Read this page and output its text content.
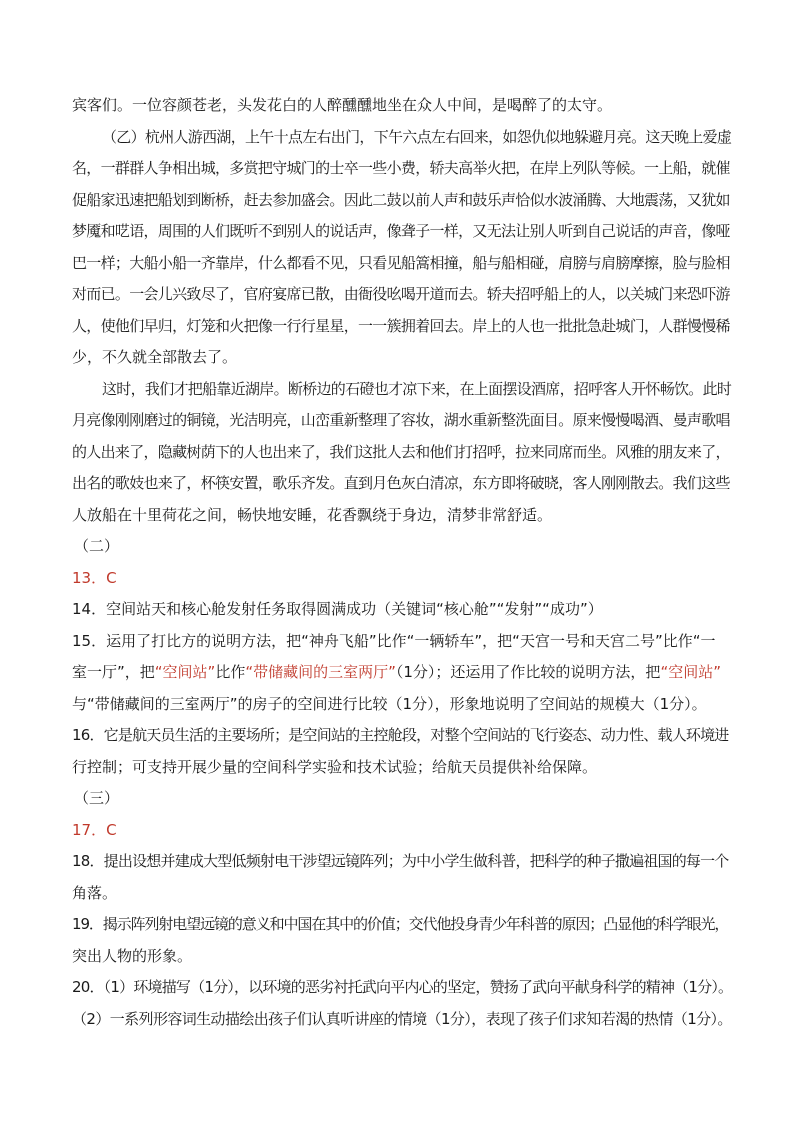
宾客们。一位容颜苍老，头发花白的人醉醺醺地坐在众人中间，是喝醉了的太守。
（乙）杭州人游西湖，上午十点左右出门，下午六点左右回来，如怨仇似地躲避月亮。这天晚上爱虚
名，一群群人争相出城，多赏把守城门的士卒一些小费，轿夫高举火把，在岸上列队等候。一上船，就催
促船家迅速把船划到断桥，赶去参加盛会。因此二鼓以前人声和鼓乐声恰似水波涌腾、大地震荡，又犹如
梦魇和呓语，周围的人们既听不到别人的说话声，像聋子一样，又无法让别人听到自己说话的声音，像哑
巴一样；大船小船一齐靠岸，什么都看不见，只看见船篙相撞，船与船相碰，肩膀与肩膀摩擦，脸与脸相
对而已。一会儿兴致尽了，官府宴席已散，由衙役吆喝开道而去。轿夫招呼船上的人，以关城门来恐吓游
人，使他们早归，灯笼和火把像一行行星星，一一簇拥着回去。岸上的人也一批批急赴城门，人群慢慢稀
少，不久就全部散去了。
这时，我们才把船靠近湖岸。断桥边的石磴也才凉下来，在上面摆设酒席，招呼客人开怀畅饮。此时
月亮像刚刚磨过的铜镜，光洁明亮，山峦重新整理了容妆，湖水重新整洗面目。原来慢慢喝酒、曼声歌唱
的人出来了，隐藏树荫下的人也出来了，我们这批人去和他们打招呼，拉来同席而坐。风雅的朋友来了，
出名的歌妓也来了，杯筷安置，歌乐齐发。直到月色灰白清凉，东方即将破晓，客人刚刚散去。我们这些
人放船在十里荷花之间，畅快地安睡，花香飘绕于身边，清梦非常舒适。
（二）
13．C
14．空间站天和核心舱发射任务取得圆满成功（关键词“核心舱”“发射”“成功”）
15．运用了打比方的说明方法，把“神舟飞船”比作“一辆轿车”，把“天宫一号和天宫二号”比作“一
室一厅”，把“空间站”比作“带储藏间的三室两厅”（1分）；还运用了作比较的说明方法，把“空间站”
与“带储藏间的三室两厅”的房子的空间进行比较（1分），形象地说明了空间站的规模大（1分）。
16．它是航天员生活的主要场所；是空间站的主控舱段，对整个空间站的飞行姿态、动力性、载人环境进
行控制；可支持开展少量的空间科学实验和技术试验；给航天员提供补给保障。
（三）
17．C
18．提出设想并建成大型低频射电干涉望远镜阵列；为中小学生做科普，把科学的种子撒遍祖国的每一个
角落。
19．揭示阵列射电望远镜的意义和中国在其中的价值；交代他投身青少年科普的原因；凸显他的科学眼光，
突出人物的形象。
20．（1）环境描写（1分），以环境的恶劣衬托武向平内心的坚定，赞扬了武向平献身科学的精神（1分）。
（2）一系列形容词生动描绘出孩子们认真听讲座的情境（1分），表现了孩子们求知若渴的热情（1分）。
